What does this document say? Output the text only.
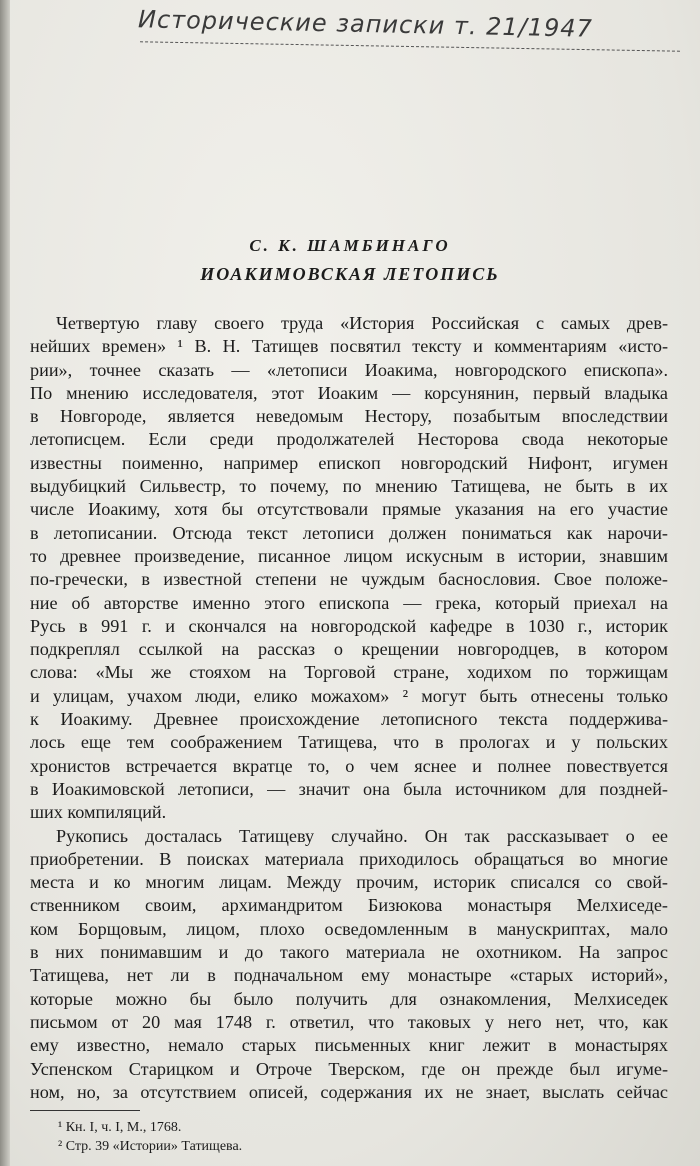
Исторические записки т. 21/1947
С. К. ШАМБИНАГО
ИОАКИМОВСКАЯ ЛЕТОПИСЬ
Четвертую главу своего труда «История Российская с самых древ-
нейших времен» ¹ В. Н. Татищев посвятил тексту и комментариям «исто-
рии», точнее сказать — «летописи Иоакима, новгородского епископа».
По мнению исследователя, этот Иоаким — корсунянин, первый владыка
в Новгороде, является неведомым Нестору, позабытым впоследствии
летописцем. Если среди продолжателей Несторова свода некоторые
известны поименно, например епископ новгородский Нифонт, игумен
выдубицкий Сильвестр, то почему, по мнению Татищева, не быть в их
числе Иоакиму, хотя бы отсутствовали прямые указания на его участие
в летописании. Отсюда текст летописи должен пониматься как нарочи-
то древнее произведение, писанное лицом искусным в истории, знавшим
по-гречески, в известной степени не чуждым баснословия. Свое положе-
ние об авторстве именно этого епископа — грека, который приехал на
Русь в 991 г. и скончался на новгородской кафедре в 1030 г., историк
подкреплял ссылкой на рассказ о крещении новгородцев, в котором
слова: «Мы же стояхом на Торговой стране, ходихом по торжищам
и улицам, учахом люди, елико можахом» ² могут быть отнесены только
к Иоакиму. Древнее происхождение летописного текста поддержива-
лось еще тем соображением Татищева, что в прологах и у польских
хронистов встречается вкратце то, о чем яснее и полнее повествуется
в Иоакимовской летописи, — значит она была источником для поздней-
ших компиляций.
Рукопись досталась Татищеву случайно. Он так рассказывает о ее
приобретении. В поисках материала приходилось обращаться во многие
места и ко многим лицам. Между прочим, историк списался со свой-
ственником своим, архимандритом Бизюкова монастыря Мелхиседе-
ком Борщовым, лицом, плохо осведомленным в манускриптах, мало
в них понимавшим и до такого материала не охотником. На запрос
Татищева, нет ли в подначальном ему монастыре «старых историй»,
которые можно бы было получить для ознакомления, Мелхиседек
письмом от 20 мая 1748 г. ответил, что таковых у него нет, что, как
ему известно, немало старых письменных книг лежит в монастырях
Успенском Старицком и Отроче Тверском, где он прежде был игуме-
ном, но, за отсутствием описей, содержания их не знает, выслать сейчас
¹ Кн. I, ч. I, М., 1768.
² Стр. 39 «Истории» Татищева.
